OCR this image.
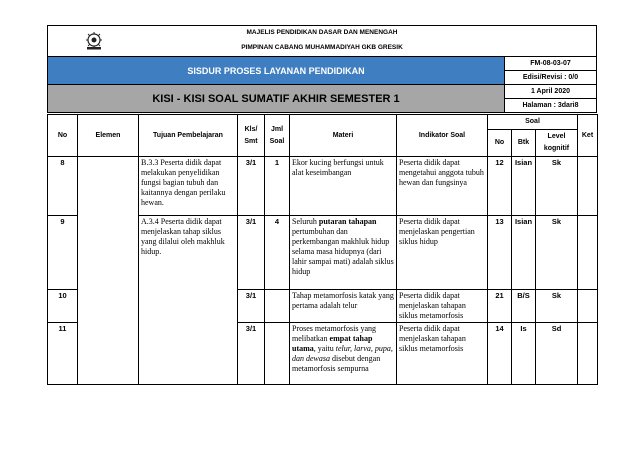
MAJELIS PENDIDIKAN DASAR DAN MENENGAH
PIMPINAN CABANG MUHAMMADIYAH GKB GRESIK	

SISDUR PROSES LAYANAN PENDIDIKAN	FM-08-03-07
	Edisi/Revisi : 0/0
KISI - KISI SOAL SUMATIF AKHIR SEMESTER 1	1 April 2020
	Halaman : 3dari8
No	Elemen	Tujuan Pembelajaran	Kls/ Smt	Jml Soal	Materi	Indikator Soal	Soal			Ket
							No	Btk	Level kognitif	
8		B.3.3 Peserta didik dapat melakukan penyelidikan fungsi bagian tubuh dan kaitannya dengan perilaku hewan.	3/1	1	Ekor kucing berfungsi untuk alat keseimbangan	Peserta didik dapat mengetahui anggota tubuh hewan dan fungsinya	12	Isian	Sk	
9		A.3.4 Peserta didik dapat menjelaskan tahap siklus yang dilalui oleh makhluk hidup.	3/1	4	Seluruh putaran tahapan pertumbuhan dan perkembangan makhluk hidup selama masa hidupnya (dari lahir sampai mati) adalah siklus hidup	Peserta didik dapat menjelaskan pengertian siklus hidup	13	Isian	Sk	
10			3/1		Tahap metamorfosis katak yang pertama adalah telur	Peserta didik dapat menjelaskan tahapan siklus metamorfosis	21	B/S	Sk	
11			3/1		Proses metamorfosis yang melibatkan empat tahap utama, yaitu telur, larva, pupa, dan dewasa disebut dengan metamorfosis sempurna	Peserta didik dapat menjelaskan tahapan siklus metamorfosis	14	Is	Sd	
